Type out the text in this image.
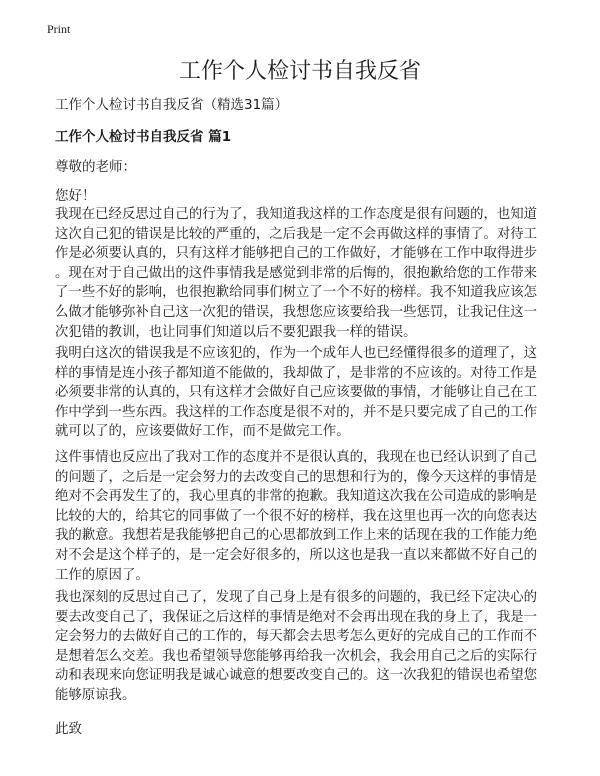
Print
工作个人检讨书自我反省
工作个人检讨书自我反省（精选31篇）
工作个人检讨书自我反省 篇1
尊敬的老师：
您好！
我现在已经反思过自己的行为了，我知道我这样的工作态度是很有问题的，也知道
这次自己犯的错误是比较的严重的，之后我是一定不会再做这样的事情了。对待工
作是必须要认真的，只有这样才能够把自己的工作做好，才能够在工作中取得进步
。现在对于自己做出的这件事情我是感觉到非常的后悔的，很抱歉给您的工作带来
了一些不好的影响，也很抱歉给同事们树立了一个不好的榜样。我不知道我应该怎
么做才能够弥补自己这一次犯的错误，我想您应该要给我一些惩罚，让我记住这一
次犯错的教训，也让同事们知道以后不要犯跟我一样的错误。
我明白这次的错误我是不应该犯的，作为一个成年人也已经懂得很多的道理了，这
样的事情是连小孩子都知道不能做的，我却做了，是非常的不应该的。对待工作是
必须要非常的认真的，只有这样才会做好自己应该要做的事情，才能够让自己在工
作中学到一些东西。我这样的工作态度是很不对的，并不是只要完成了自己的工作
就可以了的，应该要做好工作，而不是做完工作。
这件事情也反应出了我对工作的态度并不是很认真的，我现在也已经认识到了自己
的问题了，之后是一定会努力的去改变自己的思想和行为的，像今天这样的事情是
绝对不会再发生了的，我心里真的非常的抱歉。我知道这次我在公司造成的影响是
比较的大的，给其它的同事做了一个很不好的榜样，我在这里也再一次的向您表达
我的歉意。我想若是我能够把自己的心思都放到工作上来的话现在我的工作能力绝
对不会是这个样子的，是一定会好很多的，所以这也是我一直以来都做不好自己的
工作的原因了。
我也深刻的反思过自己了，发现了自己身上是有很多的问题的，我已经下定决心的
要去改变自己了，我保证之后这样的事情是绝对不会再出现在我的身上了，我是一
定会努力的去做好自己的工作的，每天都会去思考怎么更好的完成自己的工作而不
是想着怎么交差。我也希望领导您能够再给我一次机会，我会用自己之后的实际行
动和表现来向您证明我是诚心诚意的想要改变自己的。这一次我犯的错误也希望您
能够原谅我。
此致
